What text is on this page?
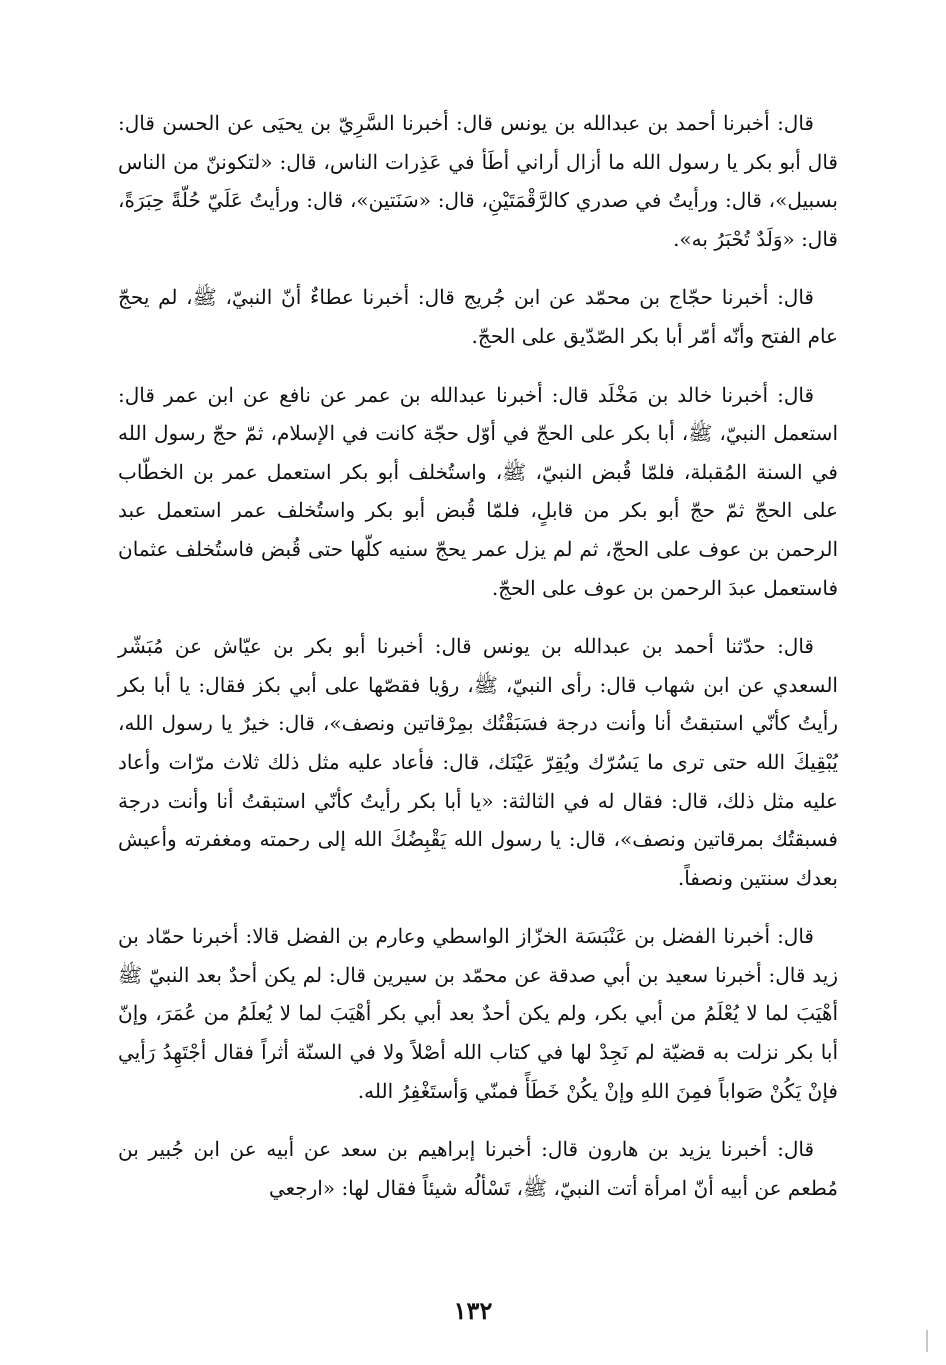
قال: أخبرنا أحمد بن عبدالله بن يونس قال: أخبرنا السَّرِيّ بن يحيَى عن الحسن قال: قال أبو بكر يا رسول الله ما أزال أراني أطَأ في عَذِرات الناس، قال: «لتكوننّ من الناس بسبيل»، قال: ورأيتُ في صدري كالرَّقْمَتَيْنِ، قال: «سَنَتين»، قال: ورأيتُ عَلَيّ حُلّةً حِبَرَةً، قال: «وَلَدٌ تُحْبَرُ به».

قال: أخبرنا حجّاج بن محمّد عن ابن جُريج قال: أخبرنا عطاءٌ أنّ النبيّ، ﷺ، لم يحجّ عام الفتح وأنّه أمّر أبا بكر الصّدّيق على الحجّ.

قال: أخبرنا خالد بن مَخْلَد قال: أخبرنا عبدالله بن عمر عن نافع عن ابن عمر قال: استعمل النبيّ، ﷺ، أبا بكر على الحجّ في أوّل حجّة كانت في الإسلام، ثمّ حجّ رسول الله في السنة المُقبلة، فلمّا قُبض النبيّ، ﷺ، واستُخلف أبو بكر استعمل عمر بن الخطّاب على الحجّ ثمّ حجّ أبو بكر من قابلٍ، فلمّا قُبض أبو بكر واستُخلف عمر استعمل عبد الرحمن بن عوف على الحجّ، ثم لم يزل عمر يحجّ سنيه كلّها حتى قُبض فاستُخلف عثمان فاستعمل عبدَ الرحمن بن عوف على الحجّ.

قال: حدّثنا أحمد بن عبدالله بن يونس قال: أخبرنا أبو بكر بن عيّاش عن مُبَشّر السعدي عن ابن شهاب قال: رأى النبيّ، ﷺ، رؤيا فقصّها على أبي بكز فقال: يا أبا بكر رأيتُ كأنّي استبقتُ أنا وأنت درجة فسَبَقْتُك بمِرْقاتين ونصف»، قال: خيرٌ يا رسول الله، يُبْقِيكَ الله حتى ترى ما يَسُرّك ويُقِرّ عَيْنَك، قال: فأعاد عليه مثل ذلك ثلاث مرّات وأعاد عليه مثل ذلك، قال: فقال له في الثالثة: «يا أبا بكر رأيتُ كأنّي استبقتُ أنا وأنت درجة فسبقتُك بمرقاتين ونصف»، قال: يا رسول الله يَقْبِضُكَ الله إلى رحمته ومغفرته وأعيش بعدك سنتين ونصفاً.

قال: أخبرنا الفضل بن عَنْبَسَة الخزّاز الواسطي وعارم بن الفضل قالا: أخبرنا حمّاد بن زيد قال: أخبرنا سعيد بن أبي صدقة عن محمّد بن سيرين قال: لم يكن أحدٌ بعد النبيّ ﷺ أهْيَبَ لما لا يُعْلَمُ من أبي بكر، ولم يكن أحدٌ بعد أبي بكر أهْيَبَ لما لا يُعلَمُ من عُمَرَ، وإنّ أبا بكر نزلت به قضيّة لم نَجِدْ لها في كتاب الله أصْلاً ولا في السنّة أثراً فقال أجْتَهِدُ رَأيي فإنْ يَكُنْ صَواباً فمِنَ اللهِ وإنْ يكُنْ خَطَأً فمنّي وَأستَغْفِرُ الله.

قال: أخبرنا يزيد بن هارون قال: أخبرنا إبراهيم بن سعد عن أبيه عن ابن جُبير بن مُطعم عن أبيه أنّ امرأة أتت النبيّ، ﷺ، تَسْألُه شيئاً فقال لها: «ارجعي

١٣٢
